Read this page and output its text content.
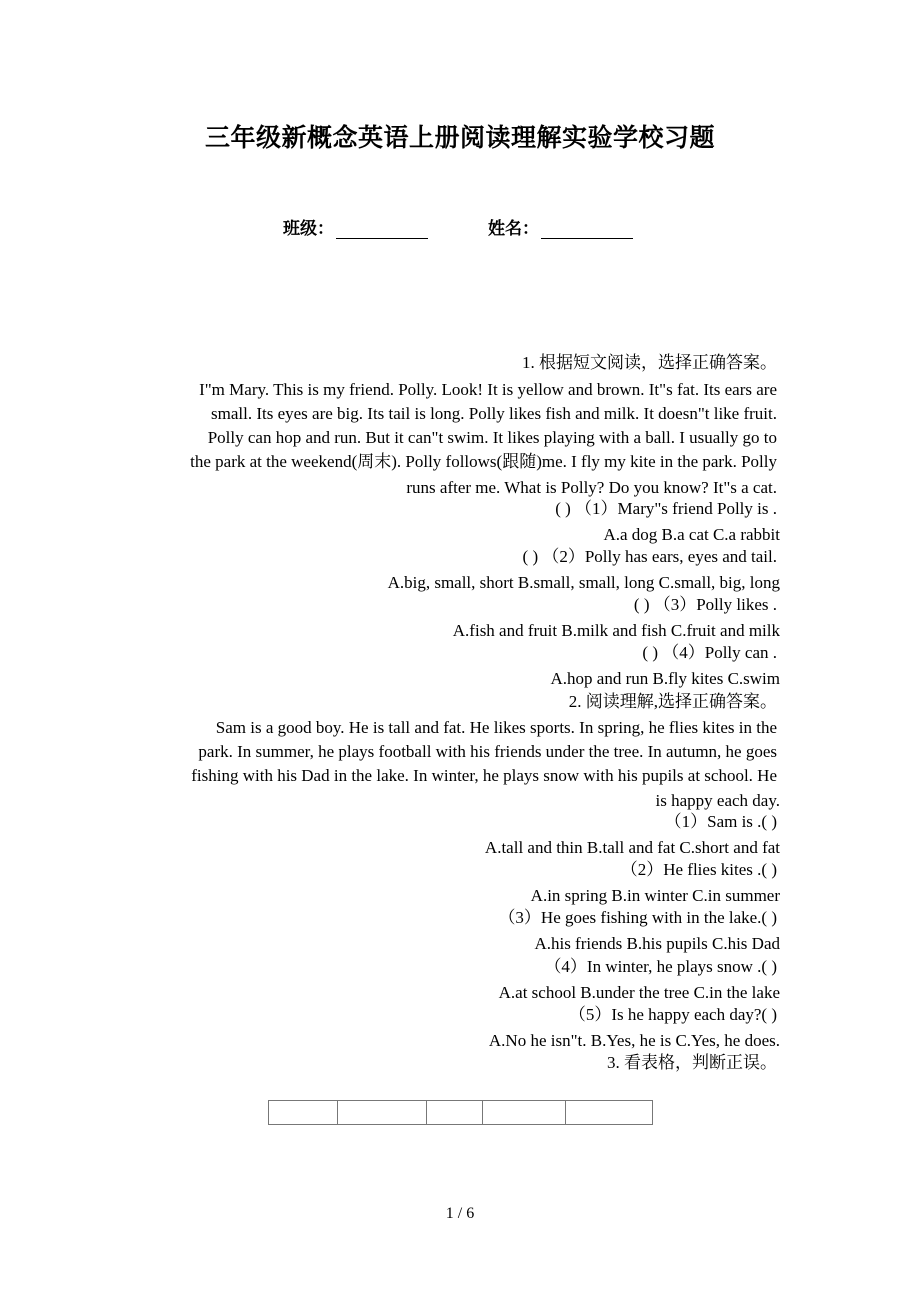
三年级新概念英语上册阅读理解实验学校习题
班级：	姓名：
1. 根据短文阅读，选择正确答案。
I"m Mary. This is my friend. Polly. Look! It is yellow and brown. It"s fat. Its ears are
small. Its eyes are big. Its tail is long. Polly likes fish and milk. It doesn"t like fruit.
Polly can hop and run. But it can"t swim. It likes playing with a ball. I usually go to
the park at the weekend(周末). Polly follows(跟随)me. I fly my kite in the park. Polly
runs after me. What is Polly? Do you know? It"s a cat.
( ) （1）Mary"s friend Polly is .
A.a dog B.a cat C.a rabbit
( ) （2）Polly has ears, eyes and tail.
A.big, small, short B.small, small, long C.small, big, long
( ) （3）Polly likes .
A.fish and fruit B.milk and fish C.fruit and milk
( ) （4）Polly can .
A.hop and run B.fly kites C.swim
2. 阅读理解,选择正确答案。
Sam is a good boy. He is tall and fat. He likes sports. In spring, he flies kites in the
park. In summer, he plays football with his friends under the tree. In autumn, he goes
fishing with his Dad in the lake. In winter, he plays snow with his pupils at school. He
is happy each day.
（1）Sam is .( )
A.tall and thin B.tall and fat C.short and fat
（2）He flies kites .( )
A.in spring B.in winter C.in summer
（3）He goes fishing with in the lake.( )
A.his friends B.his pupils C.his Dad
（4）In winter, he plays snow .( )
A.at school B.under the tree C.in the lake
（5）Is he happy each day?( )
A.No he isn"t. B.Yes, he is C.Yes, he does.
3. 看表格，判断正误。

1 / 6
